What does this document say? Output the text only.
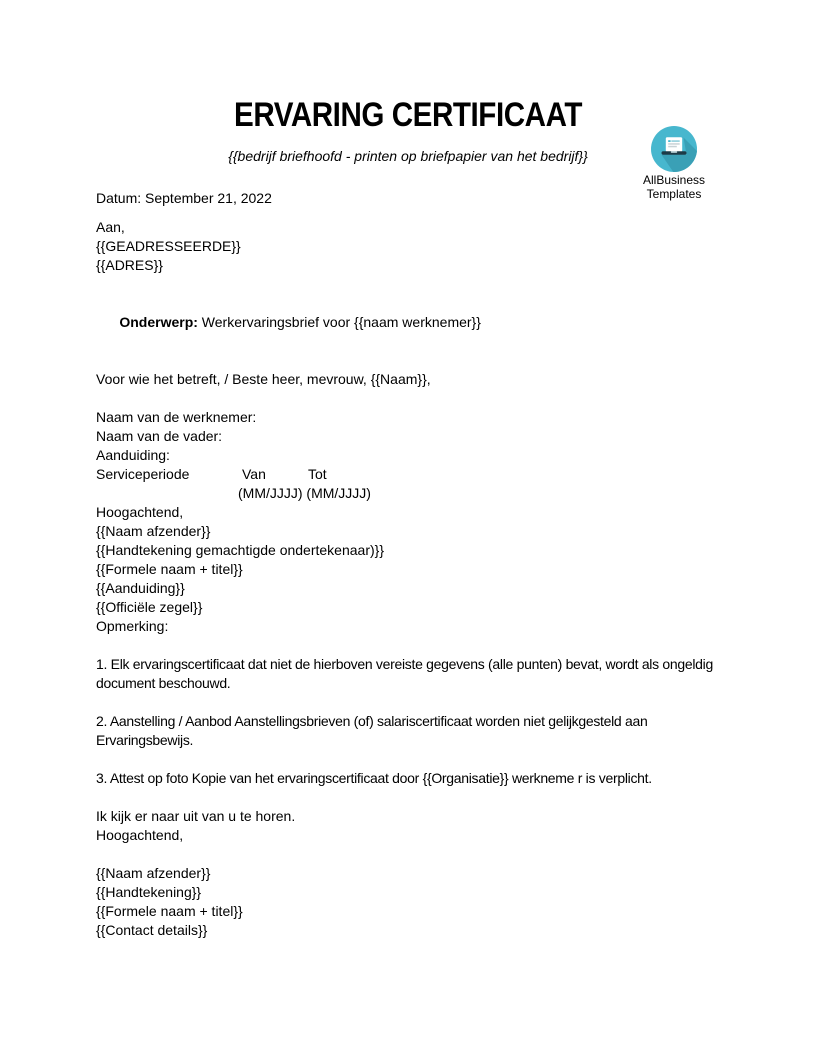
AllBusiness
Templates
ERVARING CERTIFICAAT
{{bedrijf briefhoofd - printen op briefpapier van het bedrijf}}
Datum: September 21, 2022
Aan,
{{GEADRESSEERDE}}
{{ADRES}}

Onderwerp: Werkervaringsbrief voor {{naam werknemer}}

Voor wie het betreft, / Beste heer, mevrouw, {{Naam}},
Naam van de werknemer:
Naam van de vader:
Aanduiding:
Serviceperiode	Van	Tot
(MM/JJJJ) (MM/JJJJ)
Hoogachtend,
{{Naam afzender}}
{{Handtekening gemachtigde ondertekenaar)}}
{{Formele naam + titel}}
{{Aanduiding}}
{{Officiële zegel}}
Opmerking:
1. Elk ervaringscertificaat dat niet de hierboven vereiste gegevens (alle punten) bevat, wordt als ongeldig document beschouwd.
2. Aanstelling / Aanbod Aanstellingsbrieven (of) salariscertificaat worden niet gelijkgesteld aan Ervaringsbewijs.
3. Attest op foto Kopie van het ervaringscertificaat door {{Organisatie}} werkneme r is verplicht.
Ik kijk er naar uit van u te horen.
Hoogachtend,
{{Naam afzender}}
{{Handtekening}}
{{Formele naam + titel}}
{{Contact details}}
